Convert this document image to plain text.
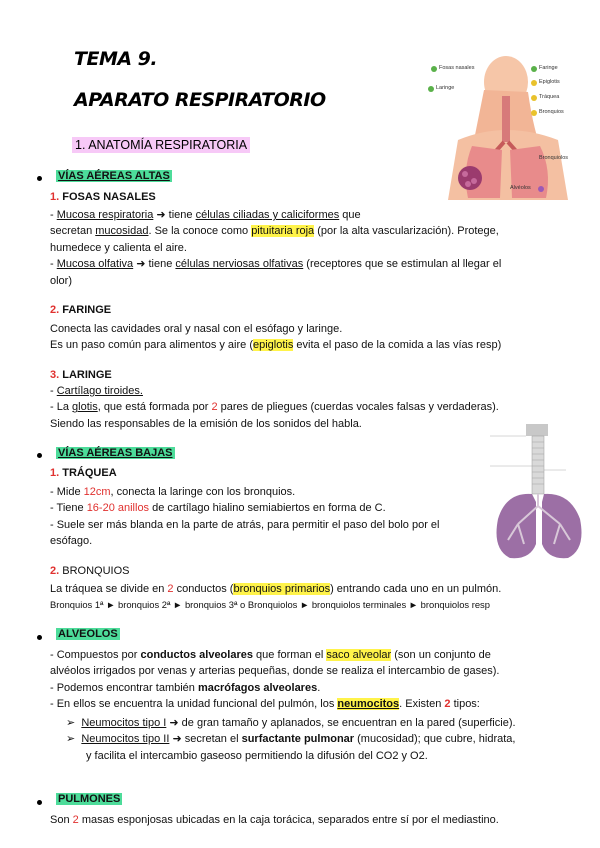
TEMA 9.
APARATO RESPIRATORIO
1. ANATOMÍA RESPIRATORIA
Fosas nasales	Faringe
Laringe
Epiglotis
Tráquea
Bronquios
Alvéolos
Bronquiolos
VÍAS AÉREAS ALTAS
1. FOSAS NASALES
- Mucosa respiratoria ➜ tiene células ciliadas y caliciformes que
secretan mucosidad. Se la conoce como pituitaria roja (por la alta vascularización). Protege,
humedece y calienta el aire.
- Mucosa olfativa ➜ tiene células nerviosas olfativas (receptores que se estimulan al llegar el
olor)
2. FARINGE
Conecta las cavidades oral y nasal con el esófago y laringe.
Es un paso común para alimentos y aire (epiglotis evita el paso de la comida a las vías resp)
3. LARINGE
- Cartílago tiroides.
- La glotis, que está formada por 2 pares de pliegues (cuerdas vocales falsas y verdaderas).
Siendo las responsables de la emisión de los sonidos del habla.
VÍAS AÉREAS BAJAS
1. TRÁQUEA
- Mide 12cm, conecta la laringe con los bronquios.
- Tiene 16-20 anillos de cartílago hialino semiabiertos en forma de C.
- Suele ser más blanda en la parte de atrás, para permitir el paso del bolo por el
esófago.
2. BRONQUIOS
La tráquea se divide en 2 conductos (bronquios primarios) entrando cada uno en un pulmón.
Bronquios 1ª ► bronquios 2ª ► bronquios 3ª o Bronquiolos ► bronquiolos terminales ► bronquiolos resp
ALVEOLOS
- Compuestos por conductos alveolares que forman el saco alveolar (son un conjunto de
alvéolos irrigados por venas y arterias pequeñas, donde se realiza el intercambio de gases).
- Podemos encontrar también macrófagos alveolares.
- En ellos se encuentra la unidad funcional del pulmón, los neumocitos. Existen 2 tipos:
➢  Neumocitos tipo I ➜ de gran tamaño y aplanados, se encuentran en la pared (superficie).
➢  Neumocitos tipo II ➜ secretan el surfactante pulmonar (mucosidad); que cubre, hidrata,
y facilita el intercambio gaseoso permitiendo la difusión del CO2 y O2.
PULMONES
Son 2 masas esponjosas ubicadas en la caja torácica, separados entre sí por el mediastino.
